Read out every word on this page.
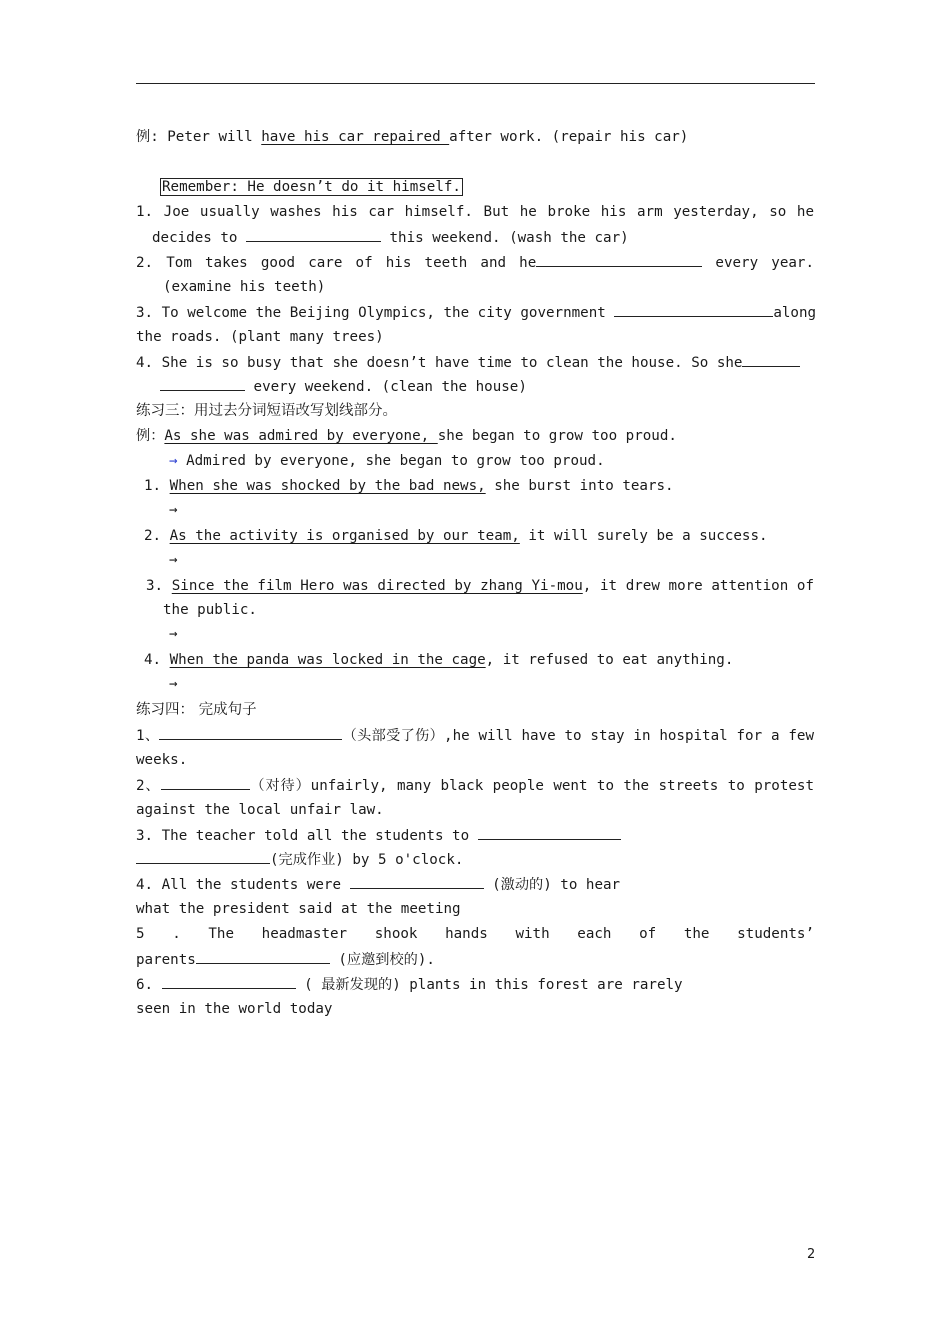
例: Peter will have his car repaired after work. (repair his car)
Remember: He doesn’t do it himself.
1. Joe usually washes his car himself. But he broke his arm yesterday, so he
decides to	this weekend. (wash the car)
2. Tom takes good care of his teeth and he	every year.
(examine his teeth)
3. To welcome the Beijing Olympics, the city government	along
the roads. (plant many trees)
4. She is so busy that she doesn’t have time to clean the house. So she
every weekend. (clean the house)
练习三：用过去分词短语改写划线部分。
例：As she was admired by everyone, she began to grow too proud.
→ Admired by everyone, she began to grow too proud.
1. When she was shocked by the bad news, she burst into tears.
→
2. As the activity is organised by our team, it will surely be a success.
→
3. Since the film Hero was directed by zhang Yi-mou, it drew more attention of
the public.
→
4. When the panda was locked in the cage, it refused to eat anything.
→
练习四： 完成句子
1、	（头部受了伤）,he will have to stay in hospital for a few
weeks.
2、	（对待）unfairly, many black people went to the streets to protest
against the local unfair law.
3. The teacher told all the students to
(完成作业) by 5 o'clock.
4. All the students were	(激动的) to hear
what the president said at the meeting
5 . The headmaster shook hands with each of the students’
parents	(应邀到校的).
6.	( 最新发现的) plants in this forest are rarely
seen in the world today
2
